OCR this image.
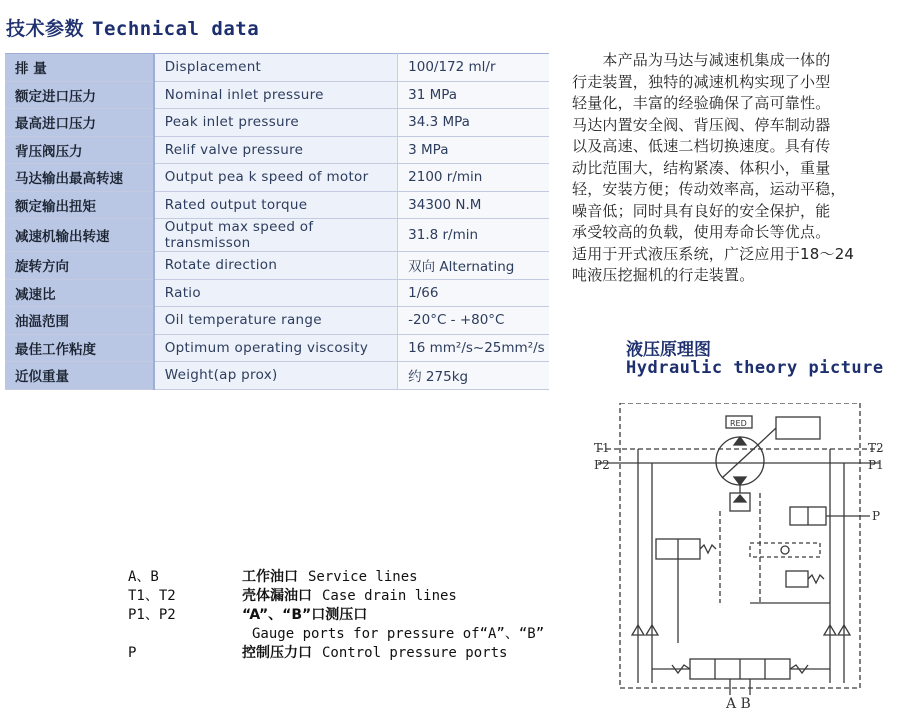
技术参数 Technical data
排 量	Displacement	100/172 ml/r
额定进口压力	Nominal inlet pressure	31 MPa
最高进口压力	Peak inlet pressure	34.3 MPa
背压阀压力	Relif valve pressure	3 MPa
马达输出最高转速	Output pea k speed of motor	2100 r/min
额定输出扭矩	Rated output torque	34300 N.M
减速机输出转速	Output max speed of transmisson	31.8 r/min
旋转方向	Rotate direction	双向 Alternating
减速比	Ratio	1/66
油温范围	Oil temperature range	-20°C - +80°C
最佳工作粘度	Optimum operating viscosity	16 mm²/s~25mm²/s
近似重量	Weight(ap prox)	约 275kg
　　本产品为马达与减速机集成一体的
行走装置，独特的减速机构实现了小型
轻量化，丰富的经验确保了高可靠性。
马达内置安全阀、背压阀、停车制动器
以及高速、低速二档切换速度。具有传
动比范围大，结构紧凑、体积小，重量
轻，安装方便；传动效率高，运动平稳，
噪音低；同时具有良好的安全保护，能
承受较高的负载，使用寿命长等优点。
适用于开式液压系统，广泛应用于18～24
吨液压挖掘机的行走装置。
液压原理图
Hydraulic theory picture
A、B	工作油口 Service lines
T1、T2	壳体漏油口 Case drain lines
P1、P2	“A”、“B”口测压口
Gauge ports for pressure of“A”、“B”
P	控制压力口 Control pressure ports
RED
T1
P2
T2
P1
P
A B
